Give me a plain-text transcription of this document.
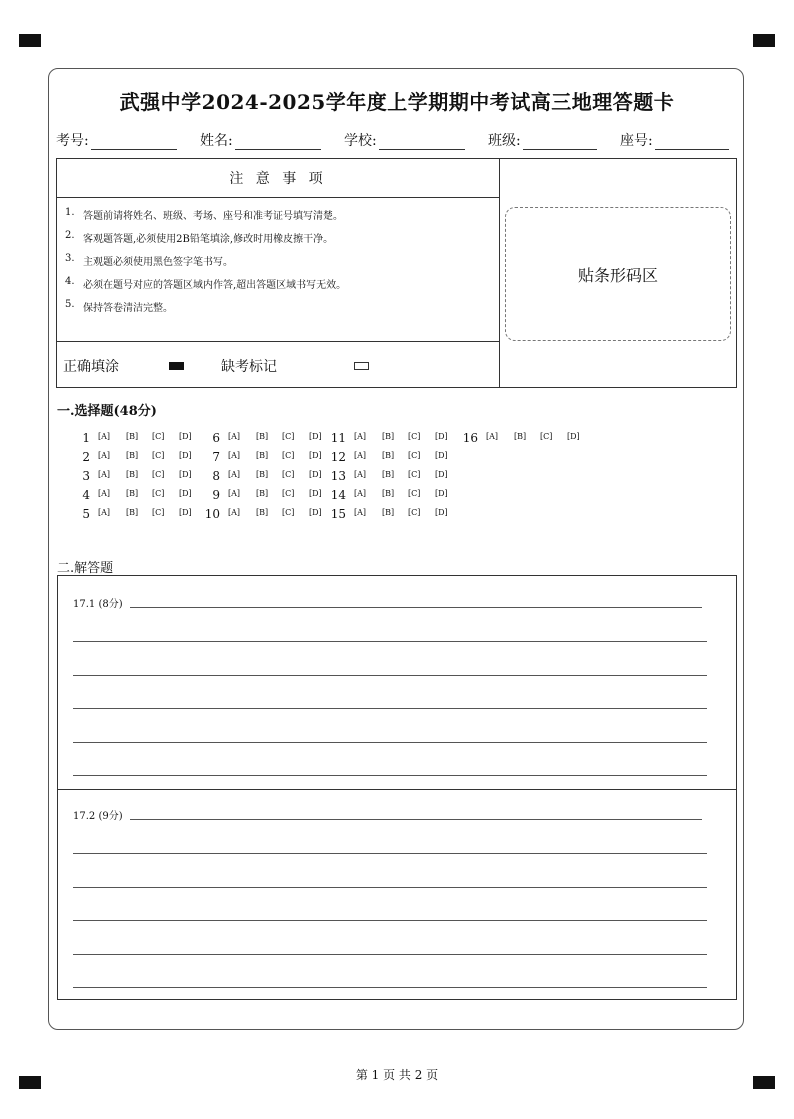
武强中学2024-2025学年度上学期期中考试高三地理答题卡
考号:	姓名:	学校:	班级:	座号:
注 意 事 项
1. 答题前请将姓名、班级、考场、座号和准考证号填写清楚。
2. 客观题答题,必须使用2B铅笔填涂,修改时用橡皮擦干净。
3. 主观题必须使用黑色签字笔书写。
4. 必须在题号对应的答题区域内作答,超出答题区域书写无效。
5. 保持答卷清洁完整。
正确填涂	缺考标记
贴条形码区
一.选择题(48分)
1 [A] [B] [C] [D]
2 [A] [B] [C] [D]
3 [A] [B] [C] [D]
4 [A] [B] [C] [D]
5 [A] [B] [C] [D]
6 [A] [B] [C] [D]
7 [A] [B] [C] [D]
8 [A] [B] [C] [D]
9 [A] [B] [C] [D]
10 [A] [B] [C] [D]
11 [A] [B] [C] [D]
12 [A] [B] [C] [D]
13 [A] [B] [C] [D]
14 [A] [B] [C] [D]
15 [A] [B] [C] [D]
16 [A] [B] [C] [D]
二.解答题
17.1 (8分)
17.2 (9分)
第 1 页 共 2 页
